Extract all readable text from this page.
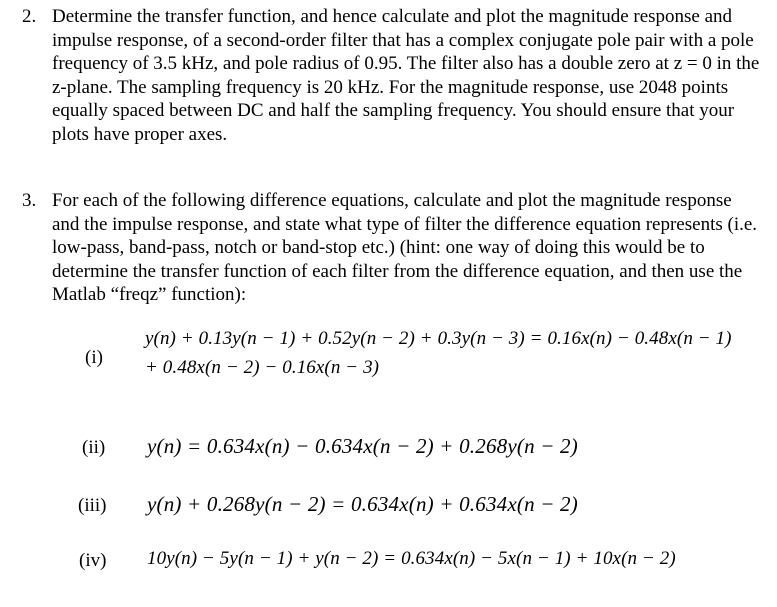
2. Determine the transfer function, and hence calculate and plot the magnitude response and impulse response, of a second-order filter that has a complex conjugate pole pair with a pole frequency of 3.5 kHz, and pole radius of 0.95. The filter also has a double zero at z = 0 in the z-plane. The sampling frequency is 20 kHz. For the magnitude response, use 2048 points equally spaced between DC and half the sampling frequency. You should ensure that your plots have proper axes.
3. For each of the following difference equations, calculate and plot the magnitude response and the impulse response, and state what type of filter the difference equation represents (i.e. low-pass, band-pass, notch or band-stop etc.) (hint: one way of doing this would be to determine the transfer function of each filter from the difference equation, and then use the Matlab “freqz” function):
(i)
y(n) + 0.13y(n − 1) + 0.52y(n − 2) + 0.3y(n − 3) = 0.16x(n) − 0.48x(n − 1)
+ 0.48x(n − 2) − 0.16x(n − 3)
(ii) y(n) = 0.634x(n) − 0.634x(n − 2) + 0.268y(n − 2)
(iii) y(n) + 0.268y(n − 2) = 0.634x(n) + 0.634x(n − 2)
(iv) 10y(n) − 5y(n − 1) + y(n − 2) = 0.634x(n) − 5x(n − 1) + 10x(n − 2)
